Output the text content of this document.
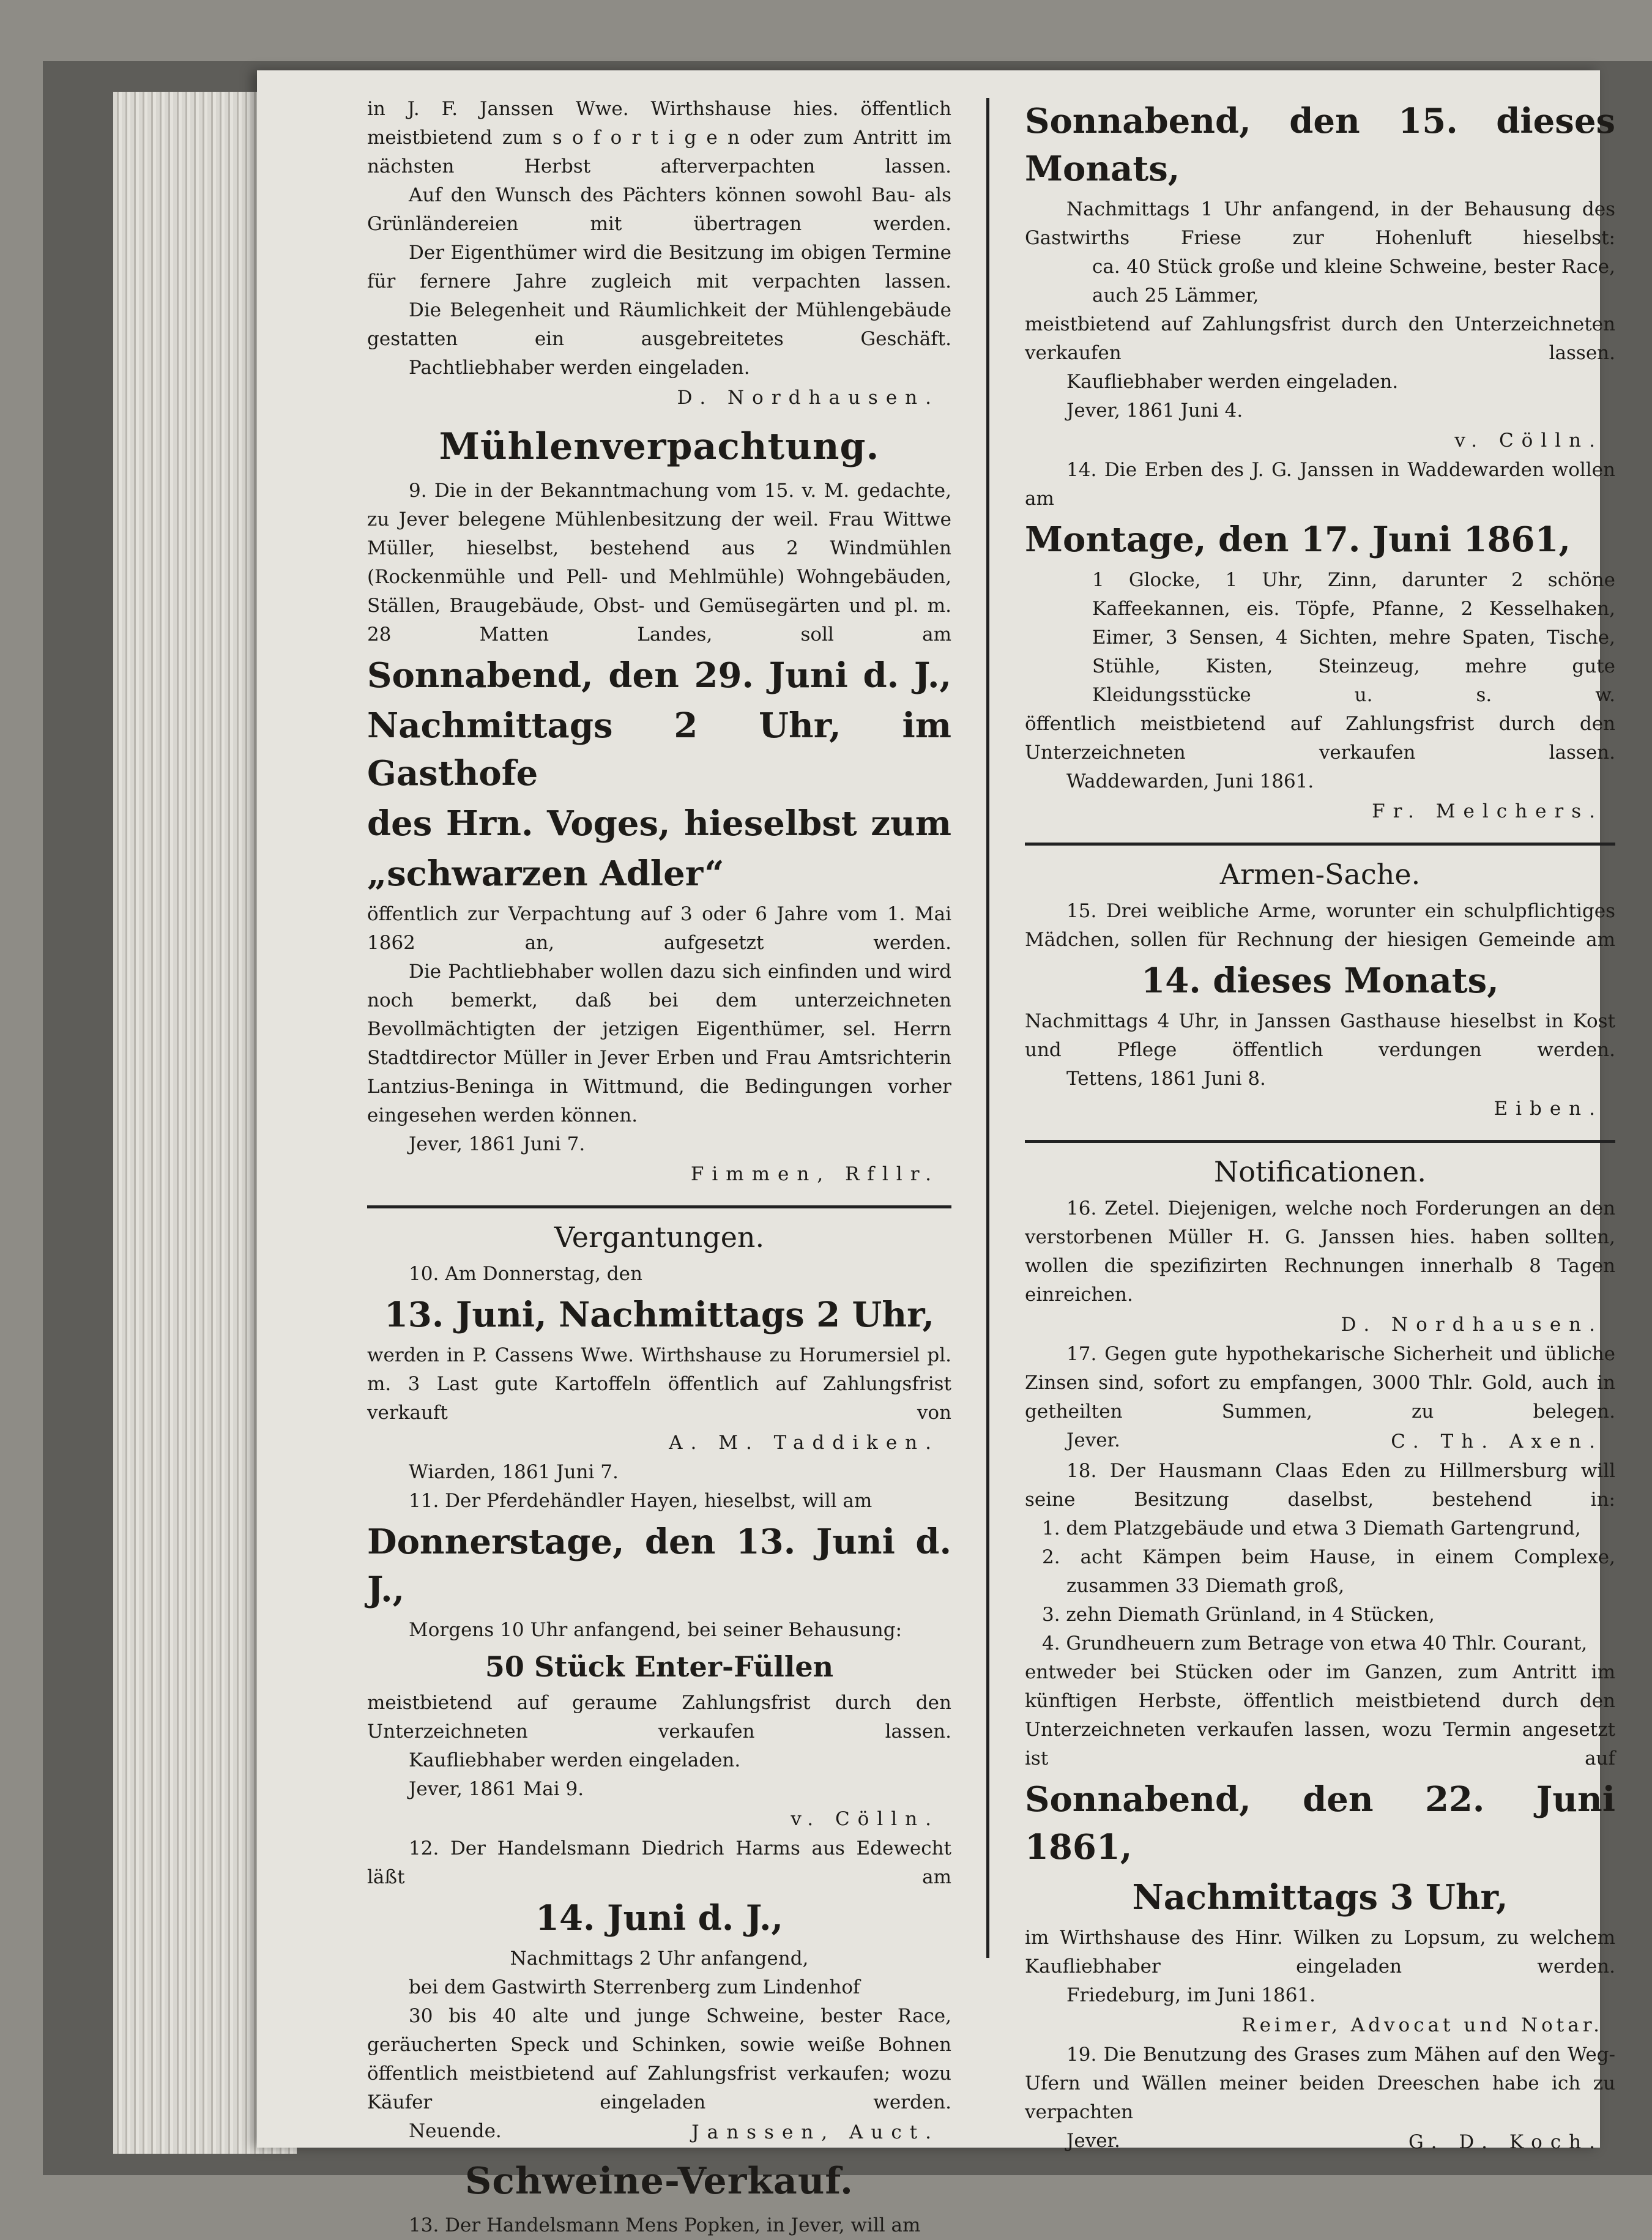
in J. F. Janssen Wwe. Wirthshause hies. öffentlich meistbietend zum s o f o r t i g e n oder zum Antritt im nächsten Herbst afterverpachten lassen.

Auf den Wunsch des Pächters können sowohl Bau- als Grünländereien mit übertragen werden.

Der Eigenthümer wird die Besitzung im obigen Termine für fernere Jahre zugleich mit verpachten lassen.

Die Belegenheit und Räumlichkeit der Mühlengebäude gestatten ein ausgebreitetes Geschäft.

Pachtliebhaber werden eingeladen.

D. Nordhausen.

Mühlenverpachtung.

9. Die in der Bekanntmachung vom 15. v. M. gedachte, zu Jever belegene Mühlenbesitzung der weil. Frau Wittwe Müller, hieselbst, bestehend aus 2 Windmühlen (Rockenmühle und Pell- und Mehlmühle) Wohngebäuden, Ställen, Braugebäude, Obst- und Gemüsegärten und pl. m. 28 Matten Landes, soll am

Sonnabend, den 29. Juni d. J.,

Nachmittags 2 Uhr, im Gasthofe

des Hrn. Voges, hieselbst zum

„schwarzen Adler“

öffentlich zur Verpachtung auf 3 oder 6 Jahre vom 1. Mai 1862 an, aufgesetzt werden.

Die Pachtliebhaber wollen dazu sich einfinden und wird noch bemerkt, daß bei dem unterzeichneten Bevollmächtigten der jetzigen Eigenthümer, sel. Herrn Stadtdirector Müller in Jever Erben und Frau Amtsrichterin Lantzius-Beninga in Wittmund, die Bedingungen vorher eingesehen werden können.

Jever, 1861 Juni 7.

Fimmen, Rfllr.

Vergantungen.

10. Am Donnerstag, den

13. Juni, Nachmittags 2 Uhr,

werden in P. Cassens Wwe. Wirthshause zu Horumersiel pl. m. 3 Last gute Kartoffeln öffentlich auf Zahlungsfrist verkauft von

A. M. Taddiken.

Wiarden, 1861 Juni 7.

11. Der Pferdehändler Hayen, hieselbst, will am

Donnerstage, den 13. Juni d. J.,

Morgens 10 Uhr anfangend, bei seiner Behausung:

50 Stück Enter-Füllen

meistbietend auf geraume Zahlungsfrist durch den Unterzeichneten verkaufen lassen.

Kaufliebhaber werden eingeladen.

Jever, 1861 Mai 9.

v. Cölln.

12. Der Handelsmann Diedrich Harms aus Edewecht läßt am

14. Juni d. J.,

Nachmittags 2 Uhr anfangend,

bei dem Gastwirth Sterrenberg zum Lindenhof

30 bis 40 alte und junge Schweine, bester Race, geräucherten Speck und Schinken, sowie weiße Bohnen

öffentlich meistbietend auf Zahlungsfrist verkaufen; wozu Käufer eingeladen werden.

Neuende.	Janssen, Auct.

Schweine-Verkauf.

13. Der Handelsmann Mens Popken, in Jever, will am

Sonnabend, den 15. dieses Monats,

Nachmittags 1 Uhr anfangend, in der Behausung des Gastwirths Friese zur Hohenluft hieselbst:

ca. 40 Stück große und kleine Schweine, bester Race,

auch 25 Lämmer,

meistbietend auf Zahlungsfrist durch den Unterzeichneten verkaufen lassen.

Kaufliebhaber werden eingeladen.

Jever, 1861 Juni 4.

v. Cölln.

14. Die Erben des J. G. Janssen in Waddewarden wollen am

Montage, den 17. Juni 1861,

1 Glocke, 1 Uhr, Zinn, darunter 2 schöne Kaffeekannen, eis. Töpfe, Pfanne, 2 Kesselhaken, Eimer, 3 Sensen, 4 Sichten, mehre Spaten, Tische, Stühle, Kisten, Steinzeug, mehre gute Kleidungsstücke u. s. w.

öffentlich meistbietend auf Zahlungsfrist durch den Unterzeichneten verkaufen lassen.

Waddewarden, Juni 1861.

Fr. Melchers.

Armen-Sache.

15. Drei weibliche Arme, worunter ein schulpflichtiges Mädchen, sollen für Rechnung der hiesigen Gemeinde am

14. dieses Monats,

Nachmittags 4 Uhr, in Janssen Gasthause hieselbst in Kost und Pflege öffentlich verdungen werden.

Tettens, 1861 Juni 8.

Eiben.

Notificationen.

16. Zetel. Diejenigen, welche noch Forderungen an den verstorbenen Müller H. G. Janssen hies. haben sollten, wollen die spezifizirten Rechnungen innerhalb 8 Tagen einreichen.

D. Nordhausen.

17. Gegen gute hypothekarische Sicherheit und übliche Zinsen sind, sofort zu empfangen, 3000 Thlr. Gold, auch in getheilten Summen, zu belegen.

Jever.	C. Th. Axen.

18. Der Hausmann Claas Eden zu Hillmersburg will seine Besitzung daselbst, bestehend in:

1. dem Platzgebäude und etwa 3 Diemath Gartengrund,

2. acht Kämpen beim Hause, in einem Complexe, zusammen 33 Diemath groß,

3. zehn Diemath Grünland, in 4 Stücken,

4. Grundheuern zum Betrage von etwa 40 Thlr. Courant,

entweder bei Stücken oder im Ganzen, zum Antritt im künftigen Herbste, öffentlich meistbietend durch den Unterzeichneten verkaufen lassen, wozu Termin angesetzt ist auf

Sonnabend, den 22. Juni 1861,

Nachmittags 3 Uhr,

im Wirthshause des Hinr. Wilken zu Lopsum, zu welchem Kaufliebhaber eingeladen werden.

Friedeburg, im Juni 1861.

Reimer, Advocat und Notar.

19. Die Benutzung des Grases zum Mähen auf den Weg-Ufern und Wällen meiner beiden Dreeschen habe ich zu verpachten

Jever.	G. D. Koch.
